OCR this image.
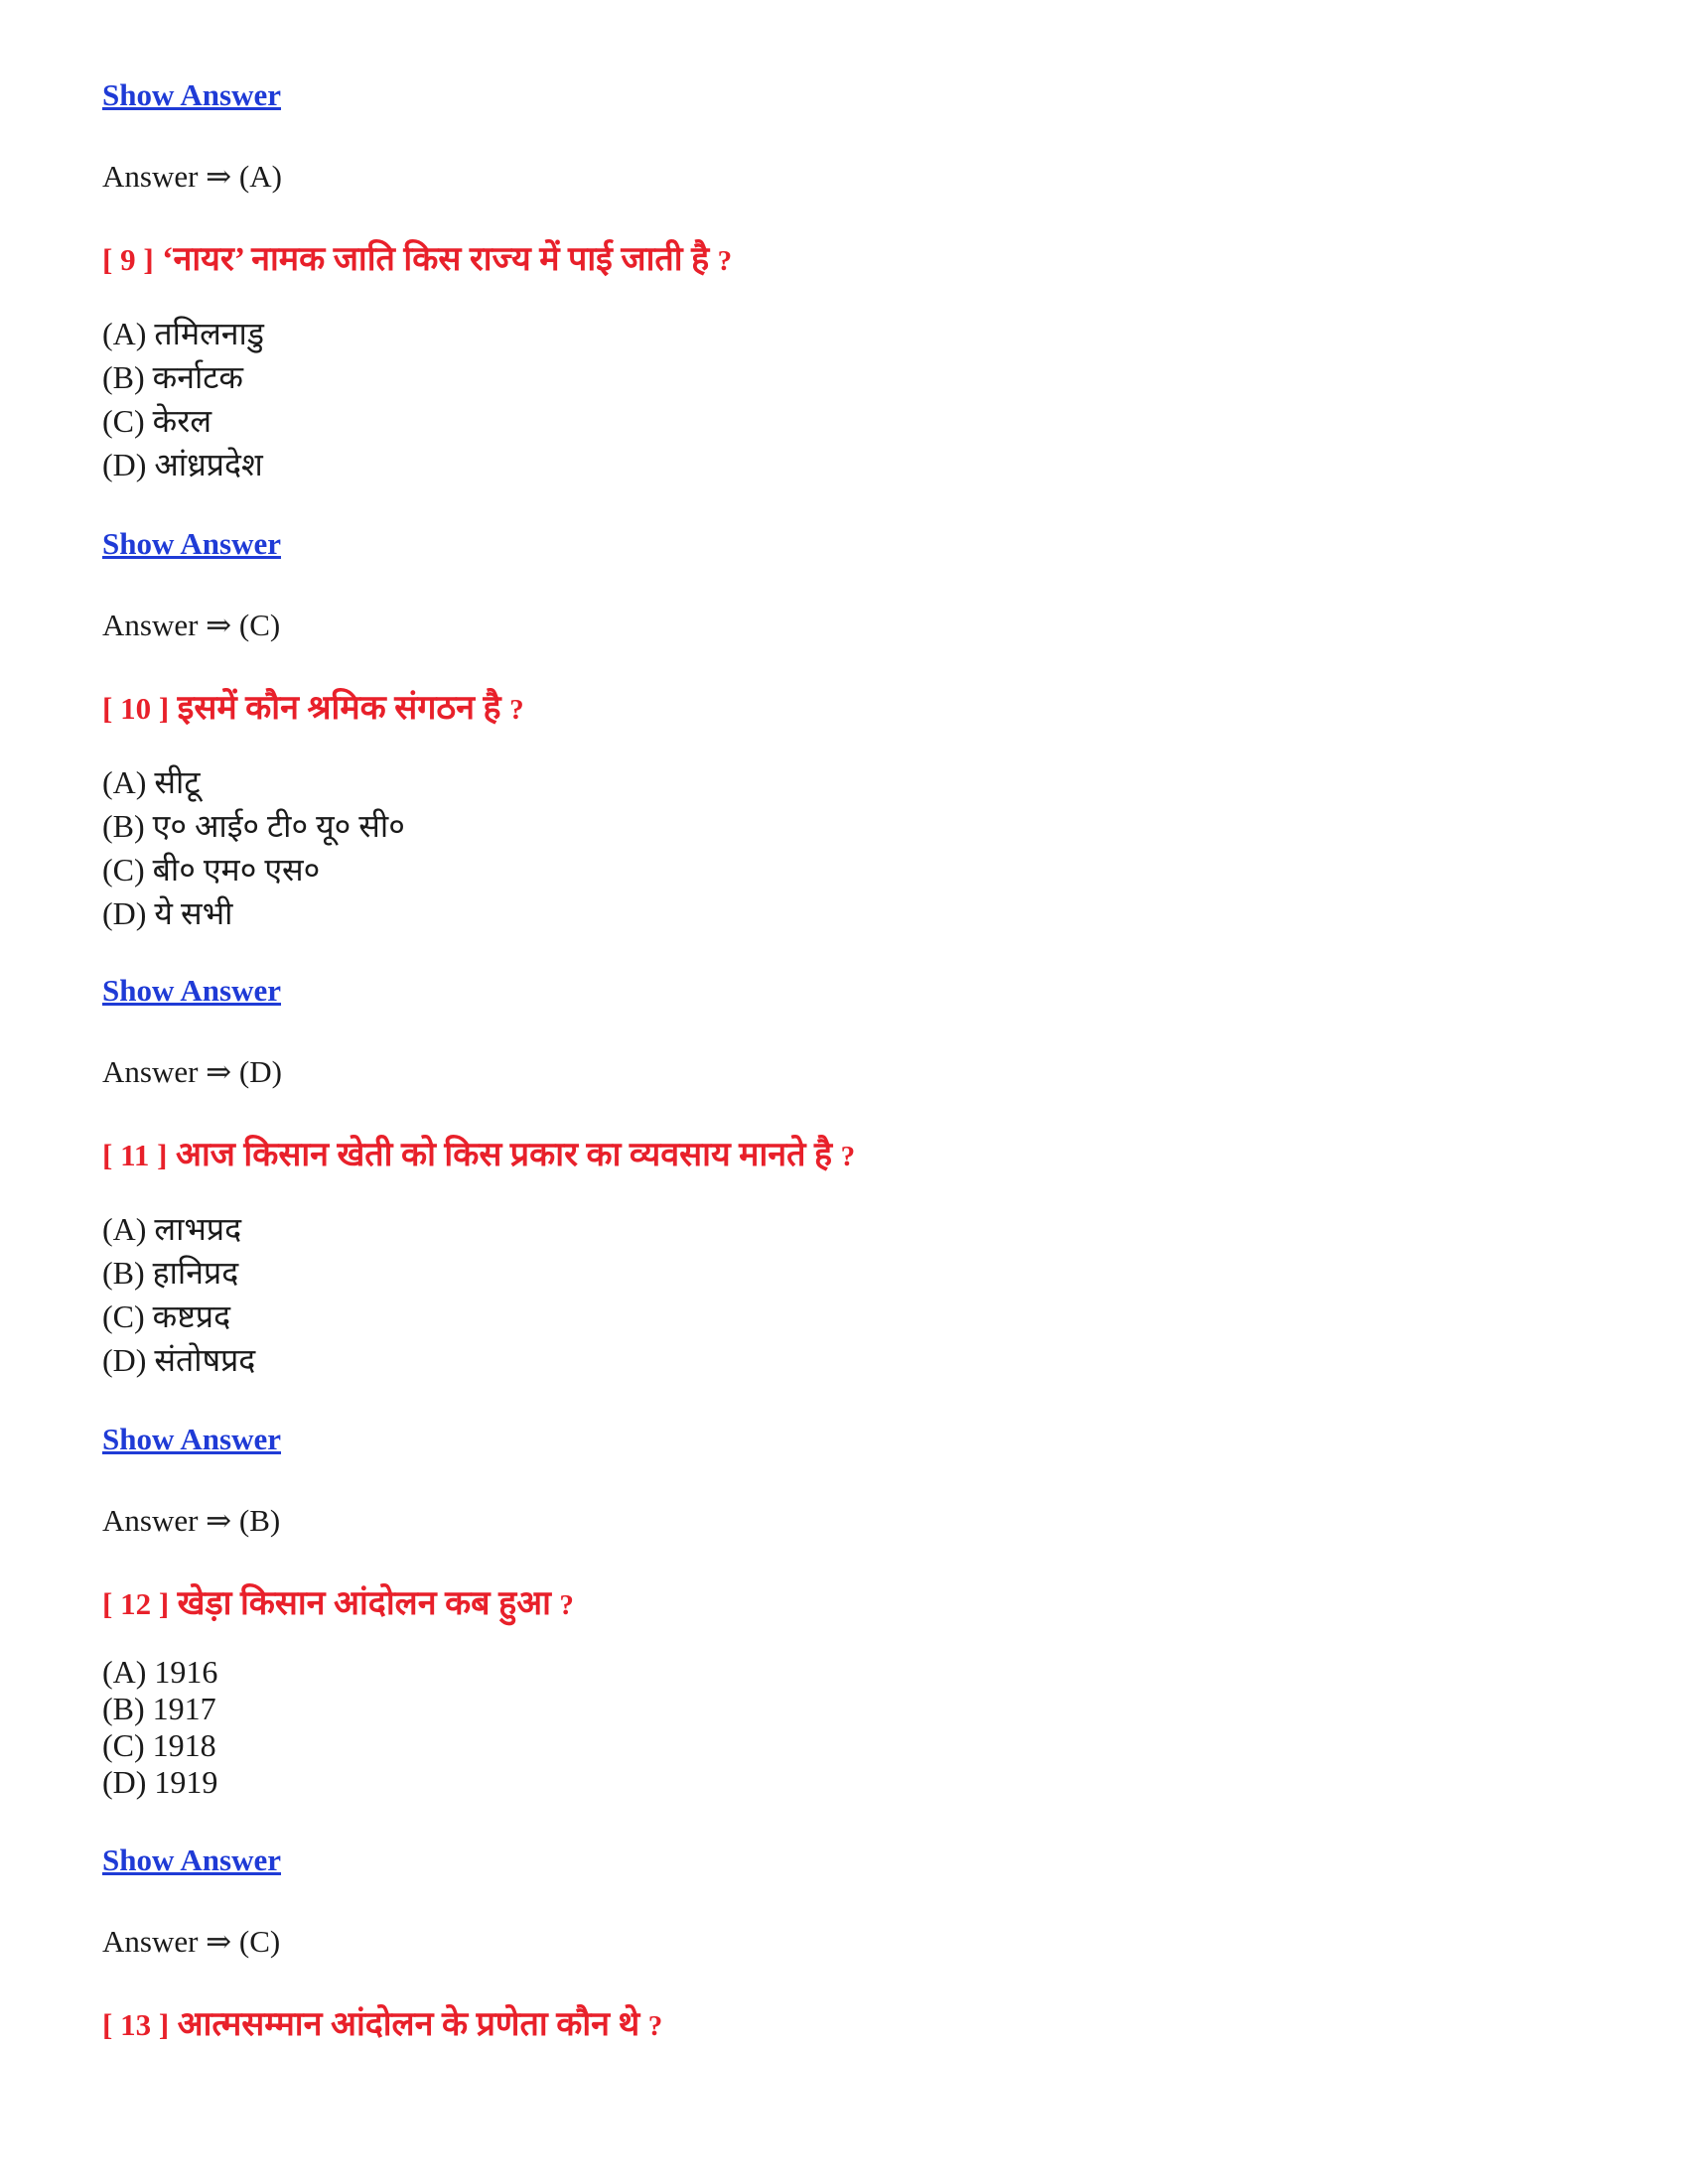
Show Answer
Answer ⇒ (A)
[ 9 ] ‘नायर’ नामक जाति किस राज्य में पाई जाती है ?
(A) तमिलनाडु
(B) कर्नाटक
(C) केरल
(D) आंध्रप्रदेश
Show Answer
Answer ⇒ (C)
[ 10 ] इसमें कौन श्रमिक संगठन है ?
(A) सीटू
(B) ए० आई० टी० यू० सी०
(C) बी० एम० एस०
(D) ये सभी
Show Answer
Answer ⇒ (D)
[ 11 ] आज किसान खेती को किस प्रकार का व्यवसाय मानते है ?
(A) लाभप्रद
(B) हानिप्रद
(C) कष्टप्रद
(D) संतोषप्रद
Show Answer
Answer ⇒ (B)
[ 12 ] खेड़ा किसान आंदोलन कब हुआ ?
(A) 1916
(B) 1917
(C) 1918
(D) 1919
Show Answer
Answer ⇒ (C)
[ 13 ] आत्मसम्मान आंदोलन के प्रणेता कौन थे ?
